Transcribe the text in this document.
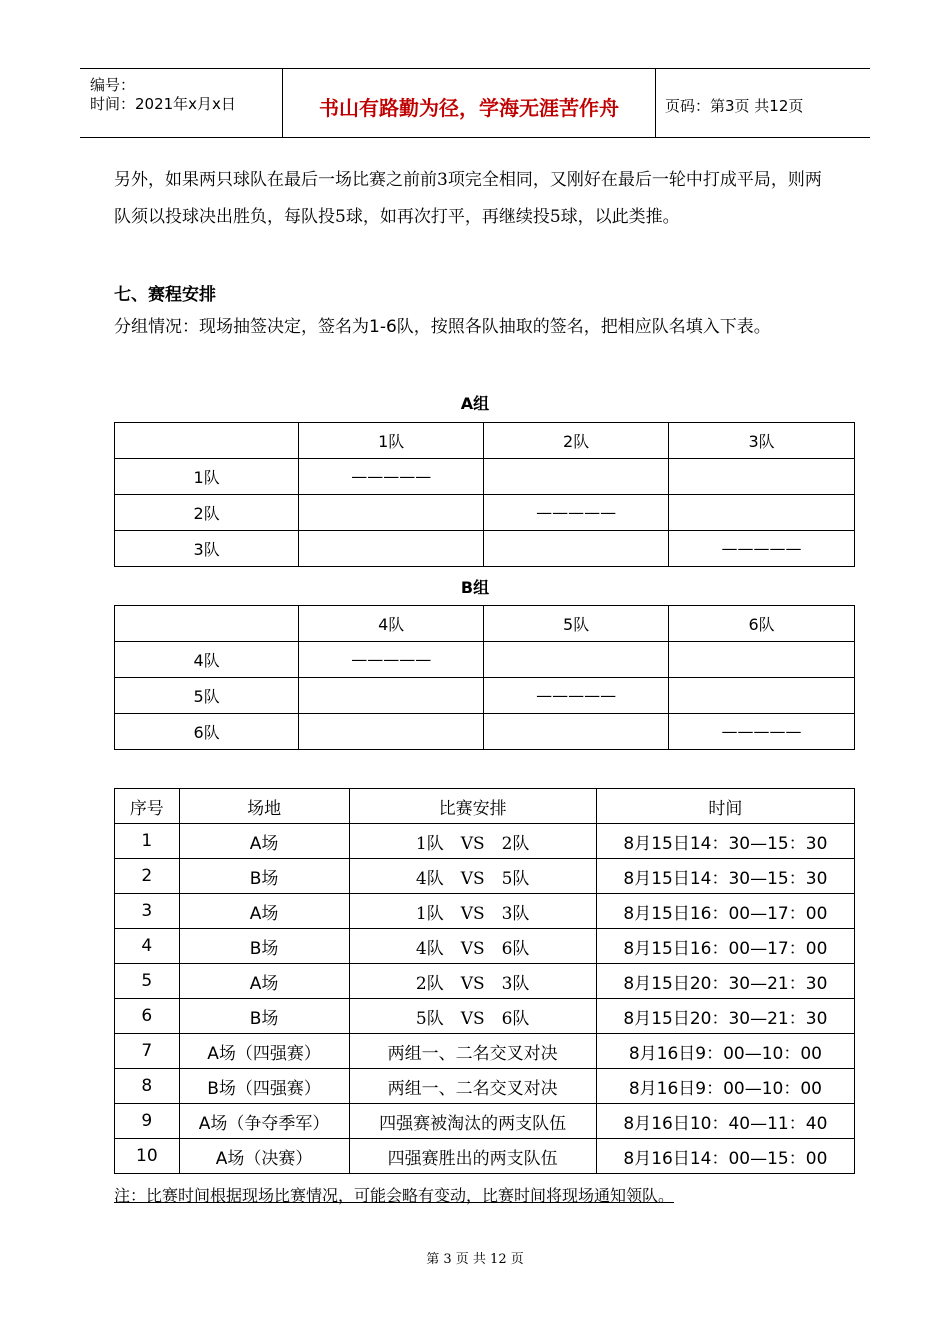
编号：
时间：2021年x月x日	书山有路勤为径，学海无涯苦作舟	页码：第3页 共12页
另外，如果两只球队在最后一场比赛之前前3项完全相同，又刚好在最后一轮中打成平局，则两队须以投球决出胜负，每队投5球，如再次打平，再继续投5球，以此类推。
七、赛程安排
分组情况：现场抽签决定，签名为1-6队，按照各队抽取的签名，把相应队名填入下表。
A组
	1队	2队	3队
1队	—————		
2队		—————	
3队			—————
B组
	4队	5队	6队
4队	—————		
5队		—————	
6队			—————
序号	场地	比赛安排	时间
1	A场	1队　VS　2队	8月15日14：30—15：30
2	B场	4队　VS　5队	8月15日14：30—15：30
3	A场	1队　VS　3队	8月15日16：00—17：00
4	B场	4队　VS　6队	8月15日16：00—17：00
5	A场	2队　VS　3队	8月15日20：30—21：30
6	B场	5队　VS　6队	8月15日20：30—21：30
7	A场（四强赛）	两组一、二名交叉对决	8月16日9：00—10：00
8	B场（四强赛）	两组一、二名交叉对决	8月16日9：00—10：00
9	A场（争夺季军）	四强赛被淘汰的两支队伍	8月16日10：40—11：40
10	A场（决赛）	四强赛胜出的两支队伍	8月16日14：00—15：00
注：比赛时间根据现场比赛情况，可能会略有变动，比赛时间将现场通知领队。
第 3 页 共 12 页
